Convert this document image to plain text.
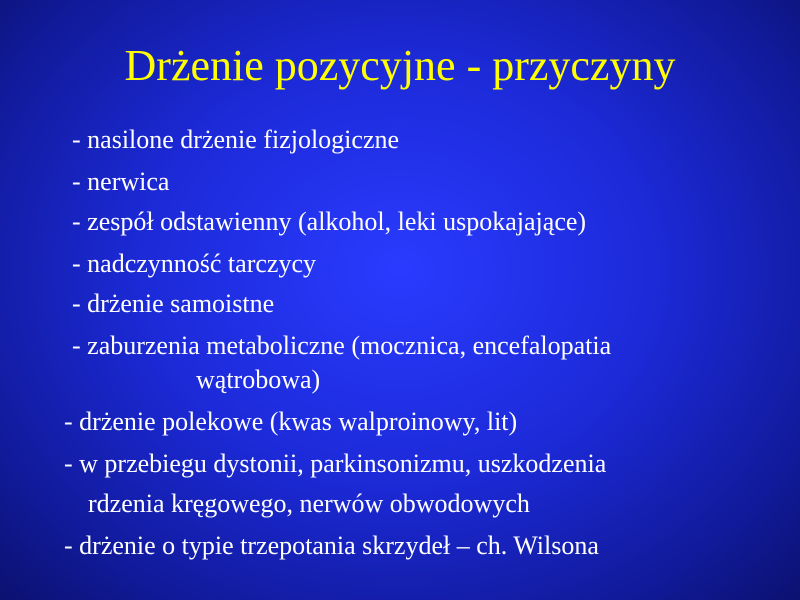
Drżenie pozycyjne - przyczyny
- nasilone drżenie fizjologiczne
- nerwica
- zespół odstawienny (alkohol, leki uspokajające)
- nadczynność tarczycy
- drżenie samoistne
- zaburzenia metaboliczne (mocznica, encefalopatia
wątrobowa)
- drżenie polekowe (kwas walproinowy, lit)
- w przebiegu dystonii, parkinsonizmu, uszkodzenia
rdzenia kręgowego, nerwów obwodowych
- drżenie o typie trzepotania skrzydeł – ch. Wilsona
